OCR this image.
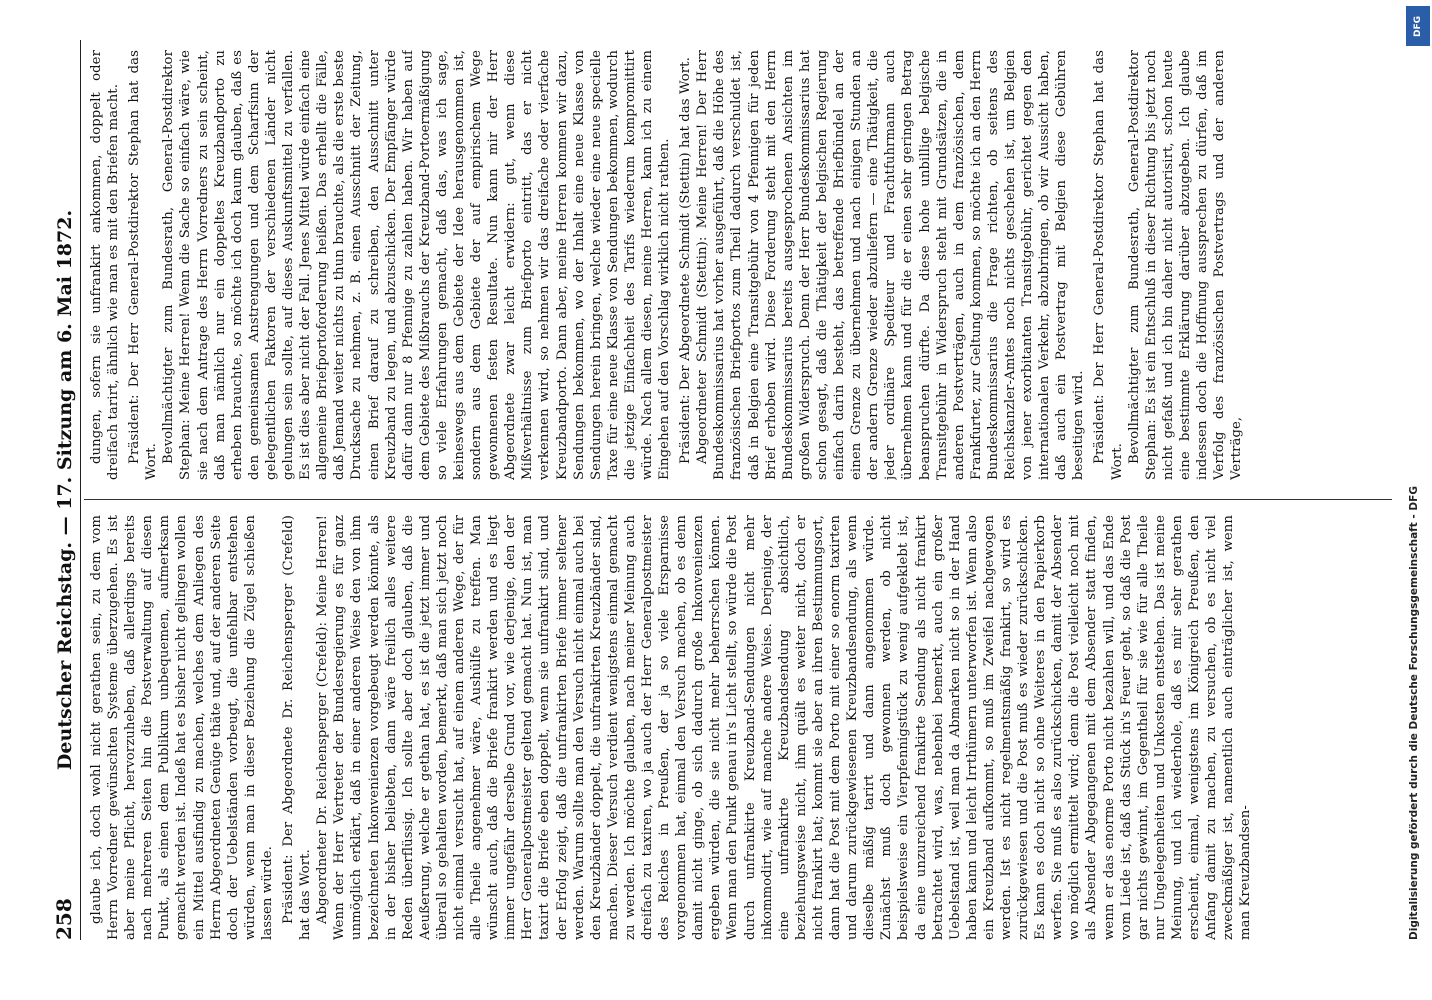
258
Deutscher Reichstag. — 17. Sitzung am 6. Mai 1872. glaube ich, doch wohl nicht gerathen sein, zu dem vom Herrn Vorredner gewünschten Systeme überzugehen. Es ist aber meine Pflicht, hervorzuheben, daß allerdings bereits nach mehreren Seiten hin die Postverwaltung auf diesen Punkt, als einen dem Publikum unbequemen, aufmerksam gemacht werden ist. Indeß hat es bisher nicht gelingen wollen ein Mittel ausfindig zu machen, welches dem Anliegen des Herrn Abgeordneten Genüge thäte und, auf der anderen Seite doch der Uebelständen vorbeugt, die unfehlbar entstehen würden, wenn man in dieser Beziehung die Zügel schießen lassen würde. Präsident: Der Abgeordnete Dr. Reichensperger (Crefeld) hat das Wort. Abgeordneter Dr. Reichensperger (Crefeld): Meine Herren! Wenn der Herr Vertreter der Bundesregierung es für ganz unmöglich erklärt, daß in einer anderen Weise den von ihm bezeichneten Inkonvenienzen vorgebeugt werden könnte, als in der bisher beliebten, dann wäre freilich alles weitere Reden überflüssig. Ich sollte aber doch glauben, daß die Aeußerung, welche er gethan hat, es ist die jetzt immer und überall so gehalten worden, bemerkt, daß man sich jetzt noch nicht einmal versucht hat, auf einem anderen Wege, der für alle Theile angenehmer wäre, Aushülfe zu treffen. Man wünscht auch, daß die Briefe frankirt werden und es liegt immer ungefähr derselbe Grund vor, wie derjenige, den der Herr Generalpostmeister geltend gemacht hat. Nun ist, man taxirt die Briefe eben doppelt, wenn sie unfrankirt sind, und der Erfolg zeigt, daß die unfrankirten Briefe immer seltener werden. Warum sollte man den Versuch nicht einmal auch bei den Kreuzbänder doppelt, die unfrankirten Kreuzbänder sind, machen. Dieser Versuch verdient wenigstens einmal gemacht zu werden. Ich möchte glauben, nach meiner Meinung auch dreifach zu taxiren, wo ja auch der Herr Generalpostmeister des Reiches in Preußen, der ja so viele Ersparnisse vorgenommen hat, einmal den Versuch machen, ob es denn damit nicht ginge, ob sich dadurch große Inkonvenienzen ergeben würden, die sie nicht mehr beherrschen können. Wenn man den Punkt genau in's Licht stellt, so würde die Post durch unfrankirte Kreuzband-Sendungen nicht mehr inkommodirt, wie auf manche andere Weise. Derjenige, der eine unfrankirte Kreuzbandsendung absichtlich, beziehungsweise nicht, ihm quält es weiter nicht, doch er nicht frankirt hat; kommt sie aber an ihren Bestimmungsort, dann hat die Post mit dem Porto mit einer so enorm taxirten und darum zurückgewiesenen Kreuzbandsendung, als wenn dieselbe mäßig tarirt und dann angenommen würde. Zunächst muß doch gewonnen werden, ob nicht beispielsweise ein Vierpfennigstück zu wenig aufgeklebt ist, da eine unzureichend frankirte Sendung als nicht frankirt betrachtet wird, was, nebenbei bemerkt, auch ein großer Uebelstand ist, weil man da Abmarken nicht so in der Hand haben kann und leicht Irrthümern unterworfen ist. Wenn also ein Kreuzband aufkommt, so muß im Zweifel nachgewogen werden. Ist es nicht regelmentsmäßig frankirt, so wird es zurückgewiesen und die Post muß es wieder zurückschicken. Es kann es doch nicht so ohne Weiteres in den Papierkorb werfen. Sie muß es also zurückschicken, damit der Absender wo möglich ermittelt wird; denn die Post vielleicht noch mit als Absender Abgegangenen mit dem Absender statt finden, wenn er das enorme Porto nicht bezahlen will, und das Ende vom Liede ist, daß das Stück in's Feuer geht, so daß die Post gar nichts gewinnt, im Gegentheil für sie wie für alle Theile nur Ungelegenheiten und Unkosten entstehen. Das ist meine Meinung, und ich wiederhole, daß es mir sehr gerathen erscheint, einmal, wenigstens im Königreich Preußen, den Anfang damit zu machen, zu versuchen, ob es nicht viel zweckmäßiger ist, namentlich auch einträglicher ist, wenn man Kreuzbandsen-

dungen, sofern sie unfrankirt ankommen, doppelt oder dreifach tarirt, ähnlich wie man es mit den Briefen macht. Präsident: Der Herr General-Postdirektor Stephan hat das Wort. Bevollmächtigter zum Bundesrath, General-Postdirektor Stephan: Meine Herren! Wenn die Sache so einfach wäre, wie sie nach dem Antrage des Herrn Vorredners zu sein scheint, daß man nämlich nur ein doppeltes Kreuzbandporto zu erheben brauchte, so möchte ich doch kaum glauben, daß es den gemeinsamen Anstrengungen und dem Scharfsinn der gelegentlichen Faktoren der verschiedenen Länder nicht gelungen sein sollte, auf dieses Auskunftsmittel zu verfallen. Es ist dies aber nicht der Fall. Jenes Mittel würde einfach eine allgemeine Briefportoforderung heißen. Das erhellt die Fälle, daß Jemand weiter nichts zu thun brauchte, als die erste beste Drucksache zu nehmen, z. B. einen Ausschnitt der Zeitung, einen Brief darauf zu schreiben, den Ausschnitt unter Kreuzband zu legen, und abzuschicken. Der Empfänger würde dafür dann nur 8 Pfennige zu zahlen haben. Wir haben auf dem Gebiete des Mißbrauchs der Kreuzband-Portoermäßigung so viele Erfahrungen gemacht, daß das, was ich sage, keineswegs aus dem Gebiete der Idee herausgenommen ist, sondern aus dem Gebiete der auf empirischem Wege gewonnenen festen Resultate. Nun kann mir der Herr Abgeordnete zwar leicht erwidern: gut, wenn diese Mißverhältnisse zum Briefporto eintritt, das er nicht verkennen wird, so nehmen wir das dreifache oder vierfache Kreuzbandporto. Dann aber, meine Herren kommen wir dazu, Sendungen bekommen, wo der Inhalt eine neue Klasse von Sendungen herein bringen, welche wieder eine neue specielle Taxe für eine neue Klasse von Sendungen bekommen, wodurch die jetzige Einfachheit des Tarifs wiederum kompromittirt würde. Nach allem diesen, meine Herren, kann ich zu einem Eingehen auf den Vorschlag wirklich nicht rathen. Präsident: Der Abgeordnete Schmidt (Stettin) hat das Wort. Abgeordneter Schmidt (Stettin): Meine Herren! Der Herr Bundeskommissarius hat vorher ausgeführt, daß die Höhe des französischen Briefportos zum Theil dadurch verschuldet ist, daß in Belgien eine Transitgebühr von 4 Pfennigen für jeden Brief erhoben wird. Diese Forderung steht mit den Herrn Bundeskommissarius bereits ausgesprochenen Ansichten im großen Widerspruch. Denn der Herr Bundeskommissarius hat schon gesagt, daß die Thätigkeit der belgischen Regierung einfach darin besteht, das betreffende Briefbündel an der einen Grenze zu übernehmen und nach einigen Stunden an der andern Grenze wieder abzuliefern — eine Thätigkeit, die jeder ordinäre Spediteur und Frachtfuhrmann auch übernehmen kann und für die er einen sehr geringen Betrag beanspruchen dürfte. Da diese hohe unbillige belgische Transitgebühr in Widerspruch steht mit Grundsätzen, die in anderen Postverträgen, auch in dem französischen, dem Frankfurter, zur Geltung kommen, so möchte ich an den Herrn Bundeskommissarius die Frage richten, ob seitens des Reichskanzler-Amtes noch nichts geschehen ist, um Belgien von jener exorbitanten Transitgebühr, gerichtet gegen den internationalen Verkehr, abzubringen, ob wir Aussicht haben, daß auch ein Postvertrag mit Belgien diese Gebühren beseitigen wird. Präsident: Der Herr General-Postdirektor Stephan hat das Wort. Bevollmächtigter zum Bundesrath, General-Postdirektor Stephan: Es ist ein Entschluß in dieser Richtung bis jetzt noch nicht gefaßt und ich bin daher nicht autorisirt, schon heute eine bestimmte Erklärung darüber abzugeben. Ich glaube indessen doch die Hoffnung aussprechen zu dürfen, daß im Verfolg des französischen Postvertrags und der anderen Verträge,

DFG
Digitalisierung gefördert durch die Deutsche Forschungsgemeinschaft - DFG
